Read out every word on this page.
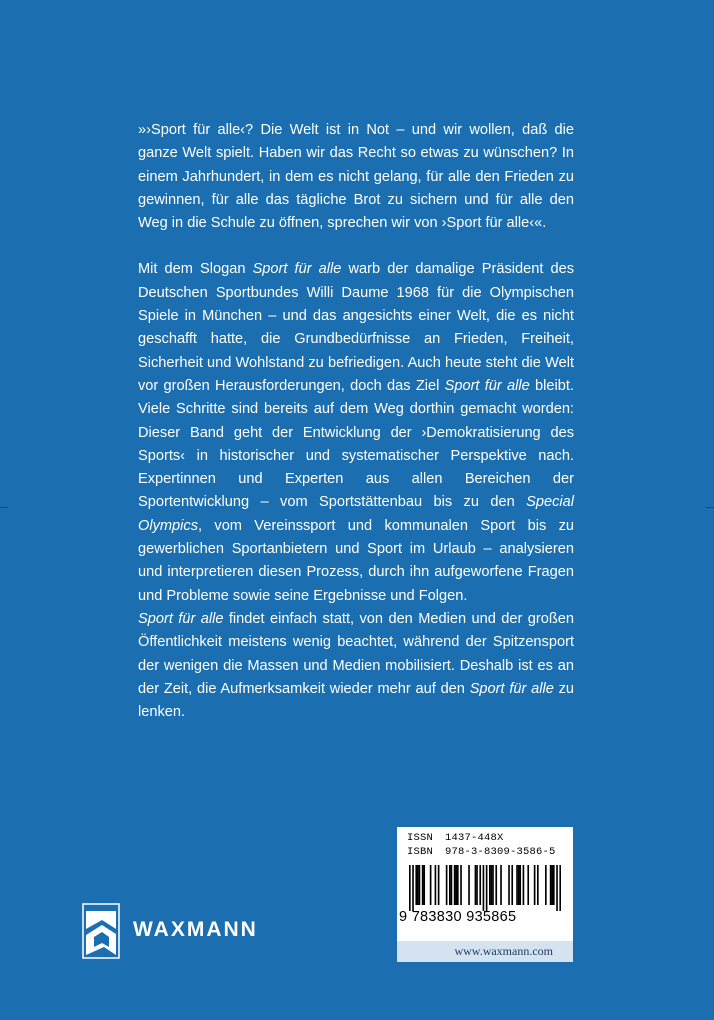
»›Sport für alle‹? Die Welt ist in Not – und wir wollen, daß die ganze Welt spielt. Haben wir das Recht so etwas zu wünschen? In einem Jahrhundert, in dem es nicht gelang, für alle den Frieden zu gewinnen, für alle das tägliche Brot zu sichern und für alle den Weg in die Schule zu öffnen, sprechen wir von ›Sport für alle‹«.

Mit dem Slogan Sport für alle warb der damalige Präsident des Deutschen Sportbundes Willi Daume 1968 für die Olympischen Spiele in München – und das angesichts einer Welt, die es nicht geschafft hatte, die Grundbedürfnisse an Frieden, Freiheit, Sicherheit und Wohlstand zu befriedigen. Auch heute steht die Welt vor großen Herausforderungen, doch das Ziel Sport für alle bleibt. Viele Schritte sind bereits auf dem Weg dorthin gemacht worden: Dieser Band geht der Entwicklung der ›Demokratisierung des Sports‹ in historischer und systematischer Perspektive nach. Expertinnen und Experten aus allen Bereichen der Sportentwicklung – vom Sportstättenbau bis zu den Special Olympics, vom Vereinssport und kommunalen Sport bis zu gewerblichen Sportanbietern und Sport im Urlaub – analysieren und interpretieren diesen Prozess, durch ihn aufgeworfene Fragen und Probleme sowie seine Ergebnisse und Folgen.

Sport für alle findet einfach statt, von den Medien und der großen Öffentlichkeit meistens wenig beachtet, während der Spitzensport der wenigen die Massen und Medien mobilisiert. Deshalb ist es an der Zeit, die Aufmerksamkeit wieder mehr auf den Sport für alle zu lenken.

ISSN 1437-448X
ISBN 978-3-8309-3586-5
9 783830 935865
www.waxmann.com
WAXMANN
